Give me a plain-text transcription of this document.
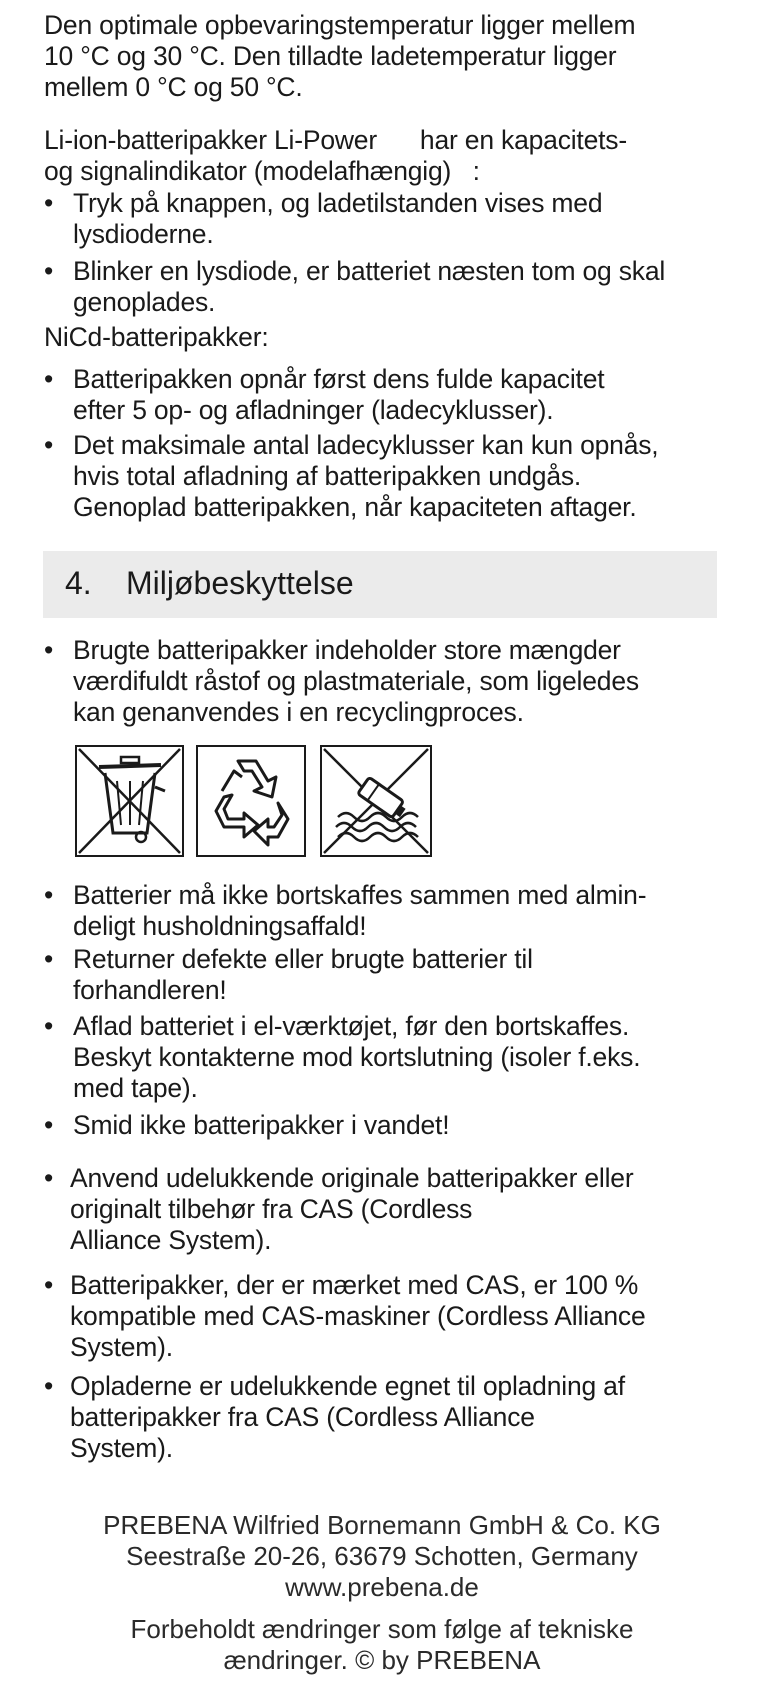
Den optimale opbevaringstemperatur ligger mellem

10 °C og 30 °C. Den tilladte ladetemperatur ligger

mellem 0 °C og 50 °C.

Li-ion-batteripakker Li-Power      har en kapacitets-

og signalindikator (modelafhængig)   :

• Tryk på knappen, og ladetilstanden vises med
lysdioderne.
• Blinker en lysdiode, er batteriet næsten tom og skal
genoplades.
NiCd-batteripakker:
• Batteripakken opnår først dens fulde kapacitet
efter 5 op- og afladninger (ladecyklusser).
• Det maksimale antal ladecyklusser kan kun opnås,
hvis total afladning af batteripakken undgås.
Genoplad batteripakken, når kapaciteten aftager.
4. Miljøbeskyttelse
• Brugte batteripakker indeholder store mængder
værdifuldt råstof og plastmateriale, som ligeledes
kan genanvendes i en recyclingproces.
• Batterier må ikke bortskaffes sammen med almin-
deligt husholdningsaffald!
• Returner defekte eller brugte batterier til
forhandleren!
• Aflad batteriet i el-værktøjet, før den bortskaffes.
Beskyt kontakterne mod kortslutning (isoler f.eks.
med tape).
• Smid ikke batteripakker i vandet!
• Anvend udelukkende originale batteripakker eller
originalt tilbehør fra CAS (Cordless
Alliance System).
• Batteripakker, der er mærket med CAS, er 100 %
kompatible med CAS-maskiner (Cordless Alliance
System).
• Opladerne er udelukkende egnet til opladning af
batteripakker fra CAS (Cordless Alliance
System).
PREBENA Wilfried Bornemann GmbH & Co. KG
Seestraße 20-26, 63679 Schotten, Germany
www.prebena.de
Forbeholdt ændringer som følge af tekniske
ændringer. © by PREBENA
